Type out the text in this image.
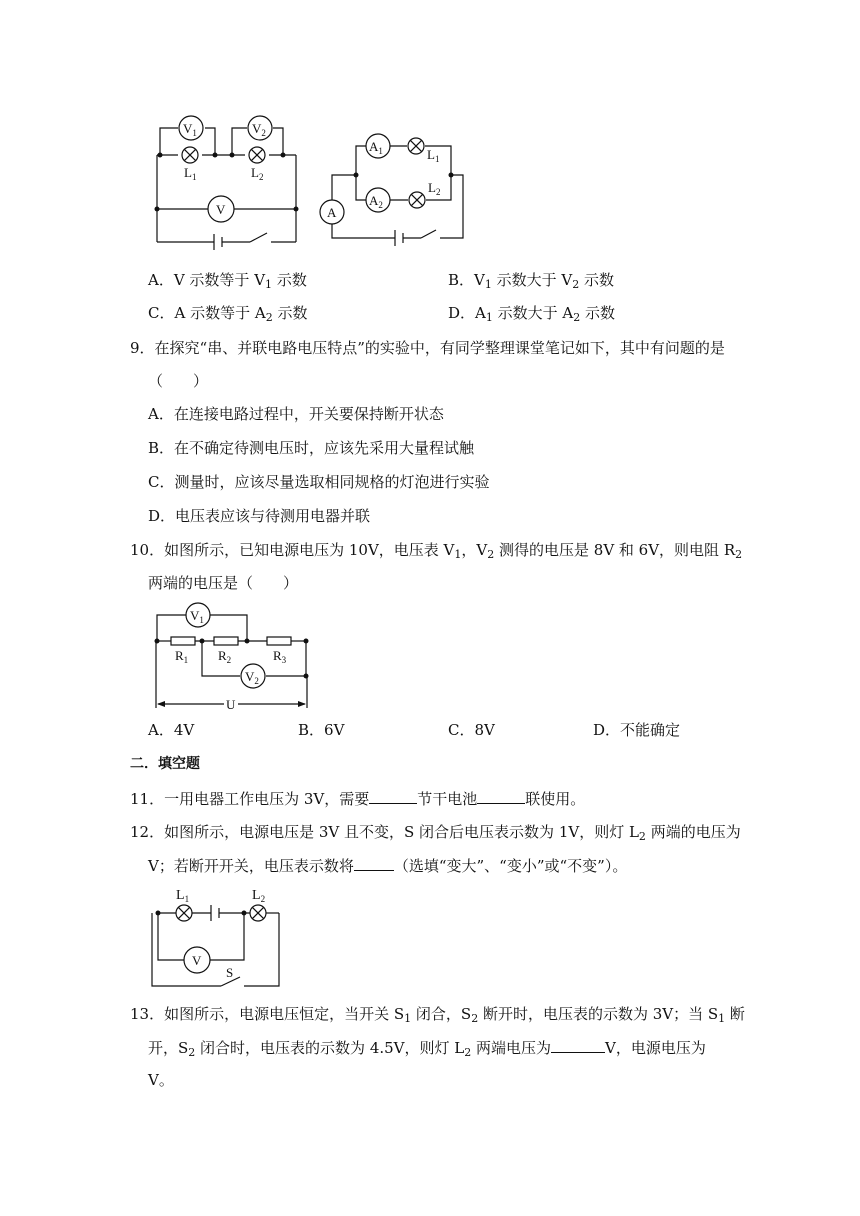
$V_1$	$V_2$
$L_1$	$L_2$
V
$A_1$	$L_1$
$A_2$
$L_2$
A
A．V 示数等于 $V_1$ 示数	B．$V_1$ 示数大于 $V_2$ 示数
C．A 示数等于 $A_2$ 示数	D．$A_1$ 示数大于 $A_2$ 示数
9．在探究“串、并联电路电压特点”的实验中，有同学整理课堂笔记如下，其中有问题的是
（　　）
A．在连接电路过程中，开关要保持断开状态
B．在不确定待测电压时，应该先采用大量程试触
C．测量时，应该尽量选取相同规格的灯泡进行实验
D．电压表应该与待测用电器并联
10．如图所示，已知电源电压为 10V，电压表 $V_1$，$V_2$ 测得的电压是 8V 和 6V，则电阻 $R_2$
两端的电压是（　　）
$V_1$
$R_1$ $R_2$	$R_3$
$V_2$
U
A．4V	B．6V	C．8V	D．不能确定
二．填空题
11．一用电器工作电压为 3V，需要	节干电池	联使用。
12．如图所示，电源电压是 3V 且不变，S 闭合后电压表示数为 1V，则灯 $L_2$ 两端的电压为
V；若断开开关，电压表示数将	（选填“变大”、“变小”或“不变”）。
$L_1$	$L_2$
V
S
13．如图所示，电源电压恒定，当开关 $S_1$ 闭合，$S_2$ 断开时，电压表的示数为 3V；当 $S_1$ 断
开，$S_2$ 闭合时，电压表的示数为 4.5V，则灯 $L_2$ 两端电压为	V，电源电压为
V。
